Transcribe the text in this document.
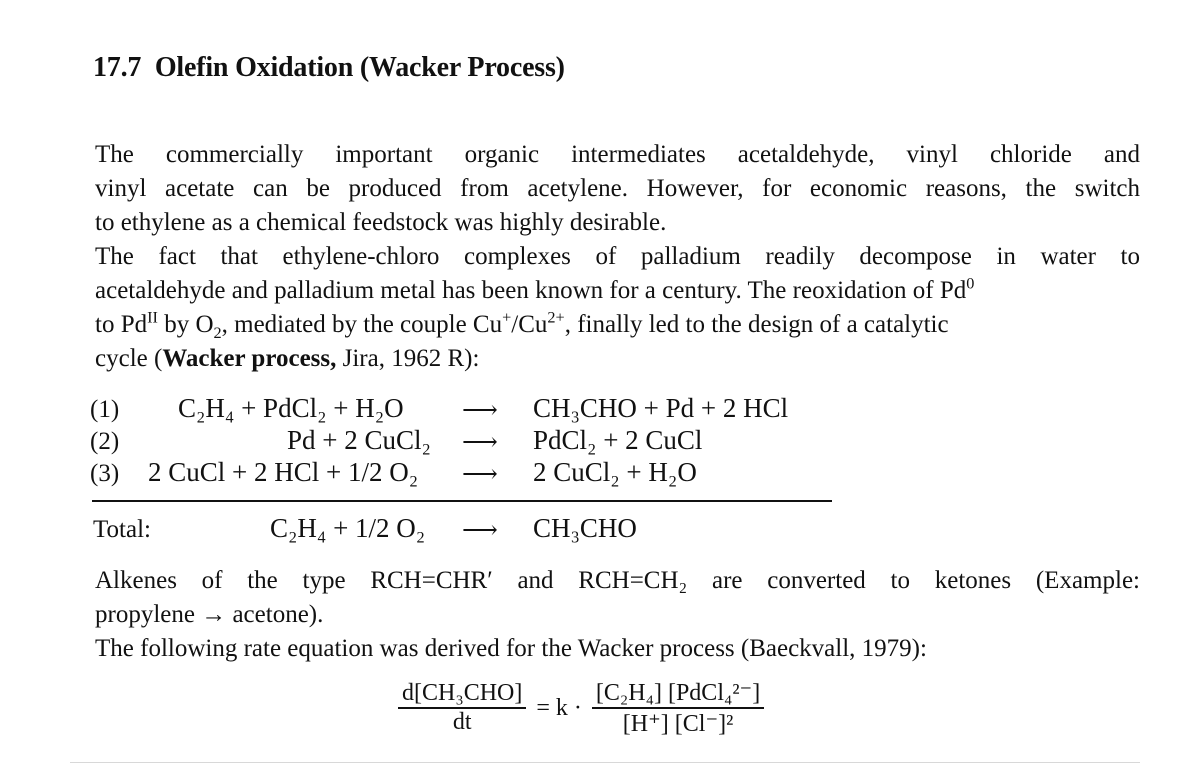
17.7 Olefin Oxidation (Wacker Process)
The commercially important organic intermediates acetaldehyde, vinyl chloride and
vinyl acetate can be produced from acetylene. However, for economic reasons, the switch
to ethylene as a chemical feedstock was highly desirable.
The fact that ethylene-chloro complexes of palladium readily decompose in water to
acetaldehyde and palladium metal has been known for a century. The reoxidation of Pd$^0$
to $Pd^{II}$ by $O_2$, mediated by the couple $Cu^+/Cu^{2+}$, finally led to the design of a catalytic
cycle (Wacker process, Jira, 1962 R):
(1) C₂H₄ + PdCl₂ + H₂O ⟶ CH₃CHO + Pd + 2 HCl
(2)	Pd + 2 CuCl₂ ⟶ PdCl₂ + 2 CuCl
(3) 2 CuCl + 2 HCl + 1/2 O₂ ⟶ 2 CuCl₂ + H₂O
Total:	C₂H₄ + 1/2 O₂ ⟶ CH₃CHO
Alkenes of the type RCH=CHR′ and RCH=CH₂ are converted to ketones (Example:
propylene → acetone).
The following rate equation was derived for the Wacker process (Baeckvall, 1979):
$\frac{\text{d[CH₃CHO]}}{dt} = k \cdot \frac{\text{[C₂H₄] [PdCl₄²⁻]}}{\text{[H⁺] [Cl⁻]²}}$
